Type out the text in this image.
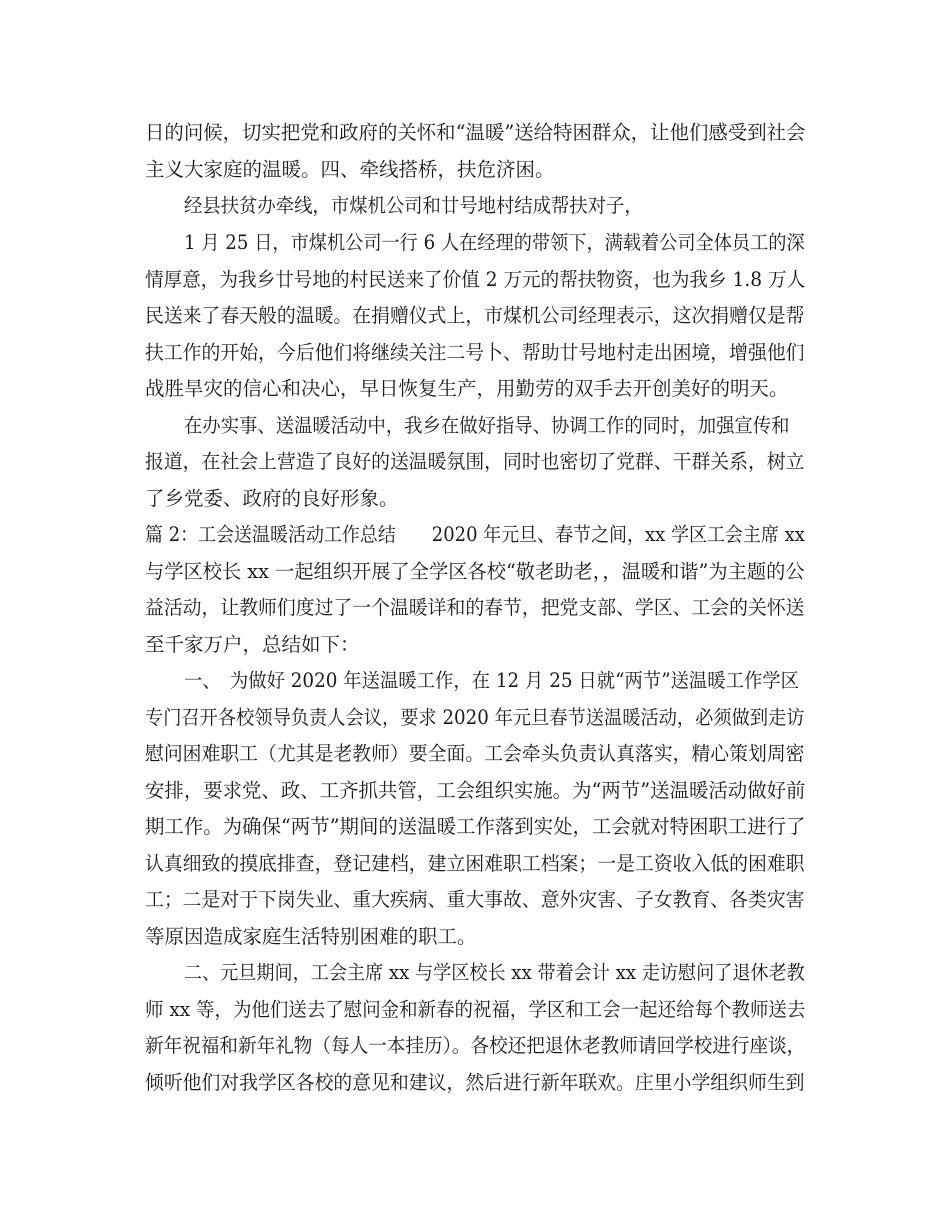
日的问候，切实把党和政府的关怀和“温暖”送给特困群众，让他们感受到社会
主义大家庭的温暖。四、牵线搭桥，扶危济困。
经县扶贫办牵线，市煤机公司和廿号地村结成帮扶对子，
1 月 25 日，市煤机公司一行 6 人在经理的带领下，满载着公司全体员工的深
情厚意，为我乡廿号地的村民送来了价值 2 万元的帮扶物资，也为我乡 1.8 万人
民送来了春天般的温暖。在捐赠仪式上，市煤机公司经理表示，这次捐赠仅是帮
扶工作的开始，今后他们将继续关注二号卜、帮助廿号地村走出困境，增强他们
战胜旱灾的信心和决心，早日恢复生产，用勤劳的双手去开创美好的明天。
在办实事、送温暖活动中，我乡在做好指导、协调工作的同时，加强宣传和
报道，在社会上营造了良好的送温暖氛围，同时也密切了党群、干群关系，树立
了乡党委、政府的良好形象。
篇 2：工会送温暖活动工作总结　　2020 年元旦、春节之间，xx 学区工会主席 xx
与学区校长 xx 一起组织开展了全学区各校“敬老助老，，温暖和谐”为主题的公
益活动，让教师们度过了一个温暖详和的春节，把党支部、学区、工会的关怀送
至千家万户，总结如下：
一、　为做好 2020 年送温暖工作，在 12 月 25 日就“两节”送温暖工作学区
专门召开各校领导负责人会议，要求 2020 年元旦春节送温暖活动，必须做到走访
慰问困难职工（尤其是老教师）要全面。工会牵头负责认真落实，精心策划周密
安排，要求党、政、工齐抓共管，工会组织实施。为“两节”送温暖活动做好前
期工作。为确保“两节”期间的送温暖工作落到实处，工会就对特困职工进行了
认真细致的摸底排查，登记建档，建立困难职工档案；一是工资收入低的困难职
工；二是对于下岗失业、重大疾病、重大事故、意外灾害、子女教育、各类灾害
等原因造成家庭生活特别困难的职工。
二、元旦期间，工会主席 xx 与学区校长 xx 带着会计 xx 走访慰问了退休老教
师 xx 等，为他们送去了慰问金和新春的祝福，学区和工会一起还给每个教师送去
新年祝福和新年礼物（每人一本挂历）。各校还把退休老教师请回学校进行座谈，
倾听他们对我学区各校的意见和建议，然后进行新年联欢。庄里小学组织师生到
